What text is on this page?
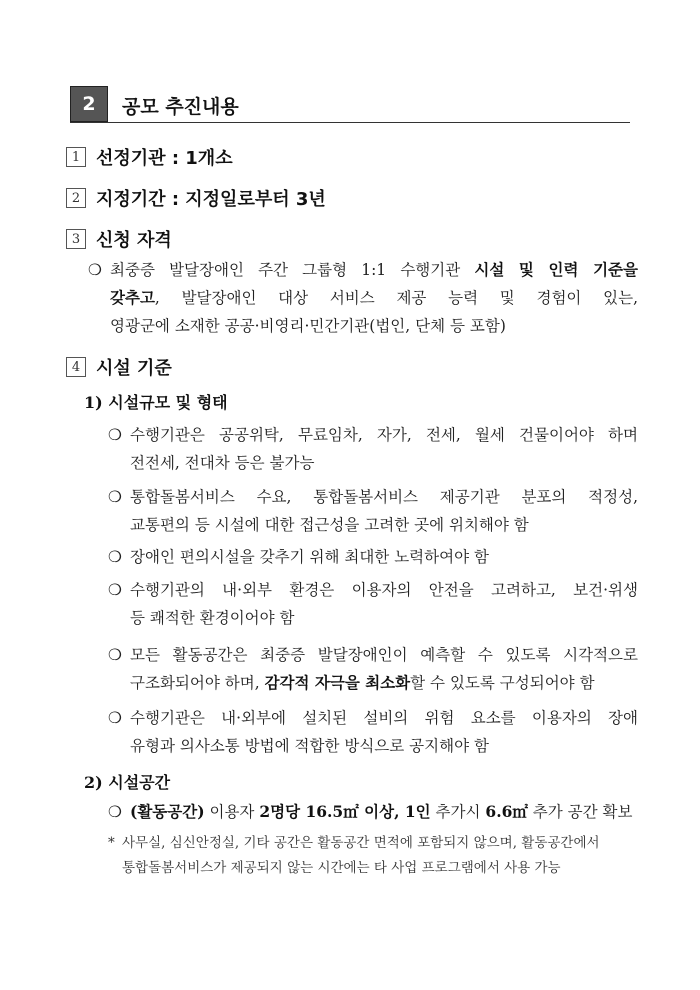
2	공모 추진내용
1 선정기관 : 1개소
2 지정기간 : 지정일로부터 3년
3 신청 자격
❍ 최중증 발달장애인 주간 그룹형 1:1 수행기관 시설 및 인력 기준을
갖추고, 발달장애인 대상 서비스 제공 능력 및 경험이 있는,
영광군에 소재한 공공·비영리·민간기관(법인, 단체 등 포함)
4 시설 기준
1) 시설규모 및 형태
❍ 수행기관은 공공위탁, 무료임차, 자가, 전세, 월세 건물이어야 하며
전전세, 전대차 등은 불가능
❍ 통합돌봄서비스 수요, 통합돌봄서비스 제공기관 분포의 적정성,
교통편의 등 시설에 대한 접근성을 고려한 곳에 위치해야 함
❍ 장애인 편의시설을 갖추기 위해 최대한 노력하여야 함
❍ 수행기관의 내·외부 환경은 이용자의 안전을 고려하고, 보건·위생
등 쾌적한 환경이어야 함
❍ 모든 활동공간은 최중증 발달장애인이 예측할 수 있도록 시각적으로
구조화되어야 하며, 감각적 자극을 최소화할 수 있도록 구성되어야 함
❍ 수행기관은 내·외부에 설치된 설비의 위험 요소를 이용자의 장애
유형과 의사소통 방법에 적합한 방식으로 공지해야 함
2) 시설공간
❍ (활동공간) 이용자 2명당 16.5㎡ 이상, 1인 추가시 6.6㎡ 추가 공간 확보
* 사무실, 심신안정실, 기타 공간은 활동공간 면적에 포함되지 않으며, 활동공간에서
통합돌봄서비스가 제공되지 않는 시간에는 타 사업 프로그램에서 사용 가능
